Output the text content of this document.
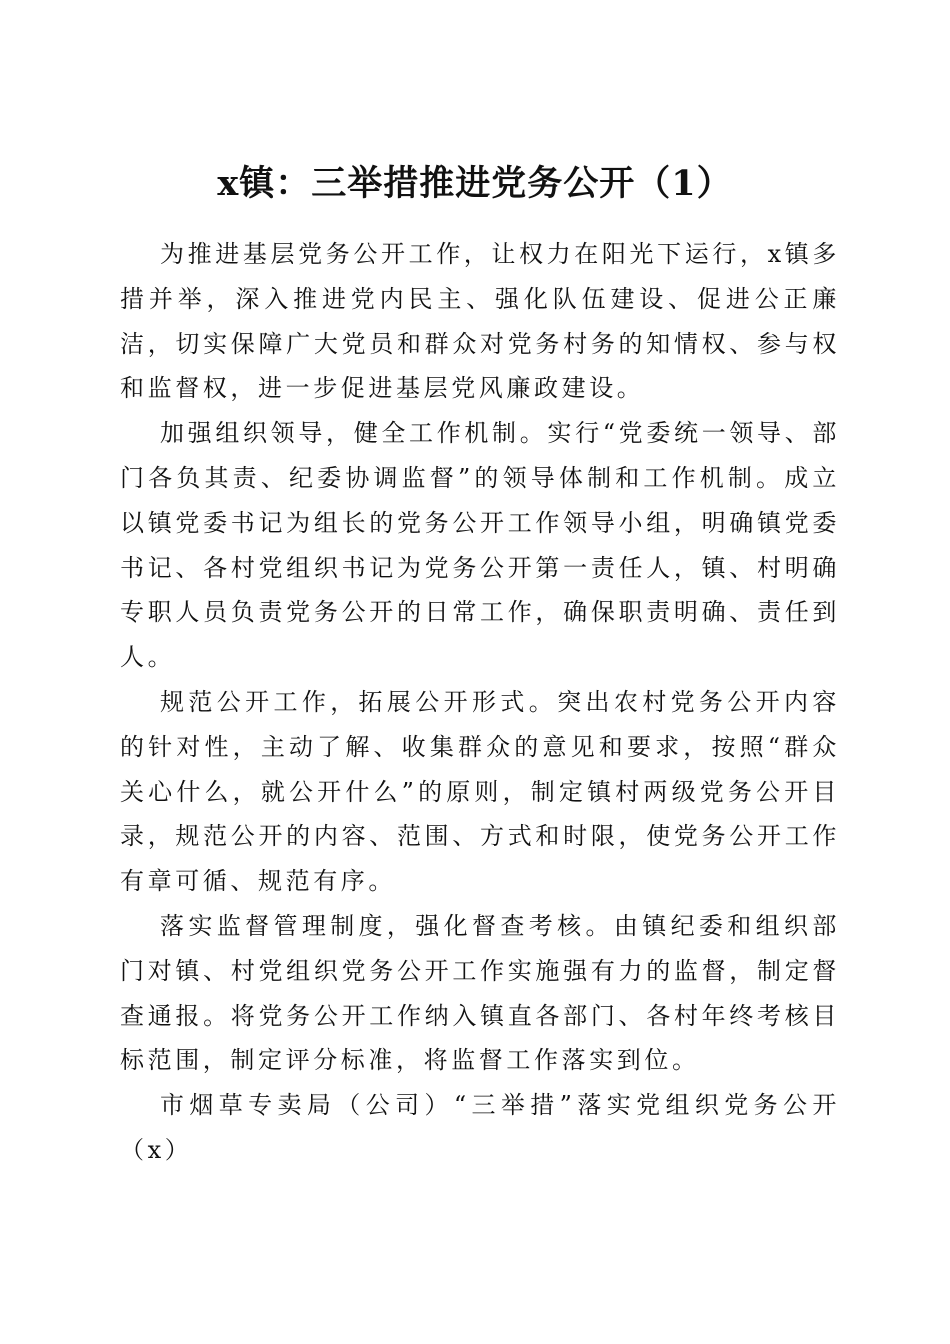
x镇：三举措推进党务公开（1）

为推进基层党务公开工作，让权力在阳光下运行，x镇多措并举，深入推进党内民主、强化队伍建设、促进公正廉洁，切实保障广大党员和群众对党务村务的知情权、参与权和监督权，进一步促进基层党风廉政建设。

加强组织领导，健全工作机制。实行“党委统一领导、部门各负其责、纪委协调监督”的领导体制和工作机制。成立以镇党委书记为组长的党务公开工作领导小组，明确镇党委书记、各村党组织书记为党务公开第一责任人，镇、村明确专职人员负责党务公开的日常工作，确保职责明确、责任到人。

规范公开工作，拓展公开形式。突出农村党务公开内容的针对性，主动了解、收集群众的意见和要求，按照“群众关心什么，就公开什么”的原则，制定镇村两级党务公开目录，规范公开的内容、范围、方式和时限，使党务公开工作有章可循、规范有序。

落实监督管理制度，强化督查考核。由镇纪委和组织部门对镇、村党组织党务公开工作实施强有力的监督，制定督查通报。将党务公开工作纳入镇直各部门、各村年终考核目标范围，制定评分标准，将监督工作落实到位。

市烟草专卖局（公司）“三举措”落实党组织党务公开（x）
